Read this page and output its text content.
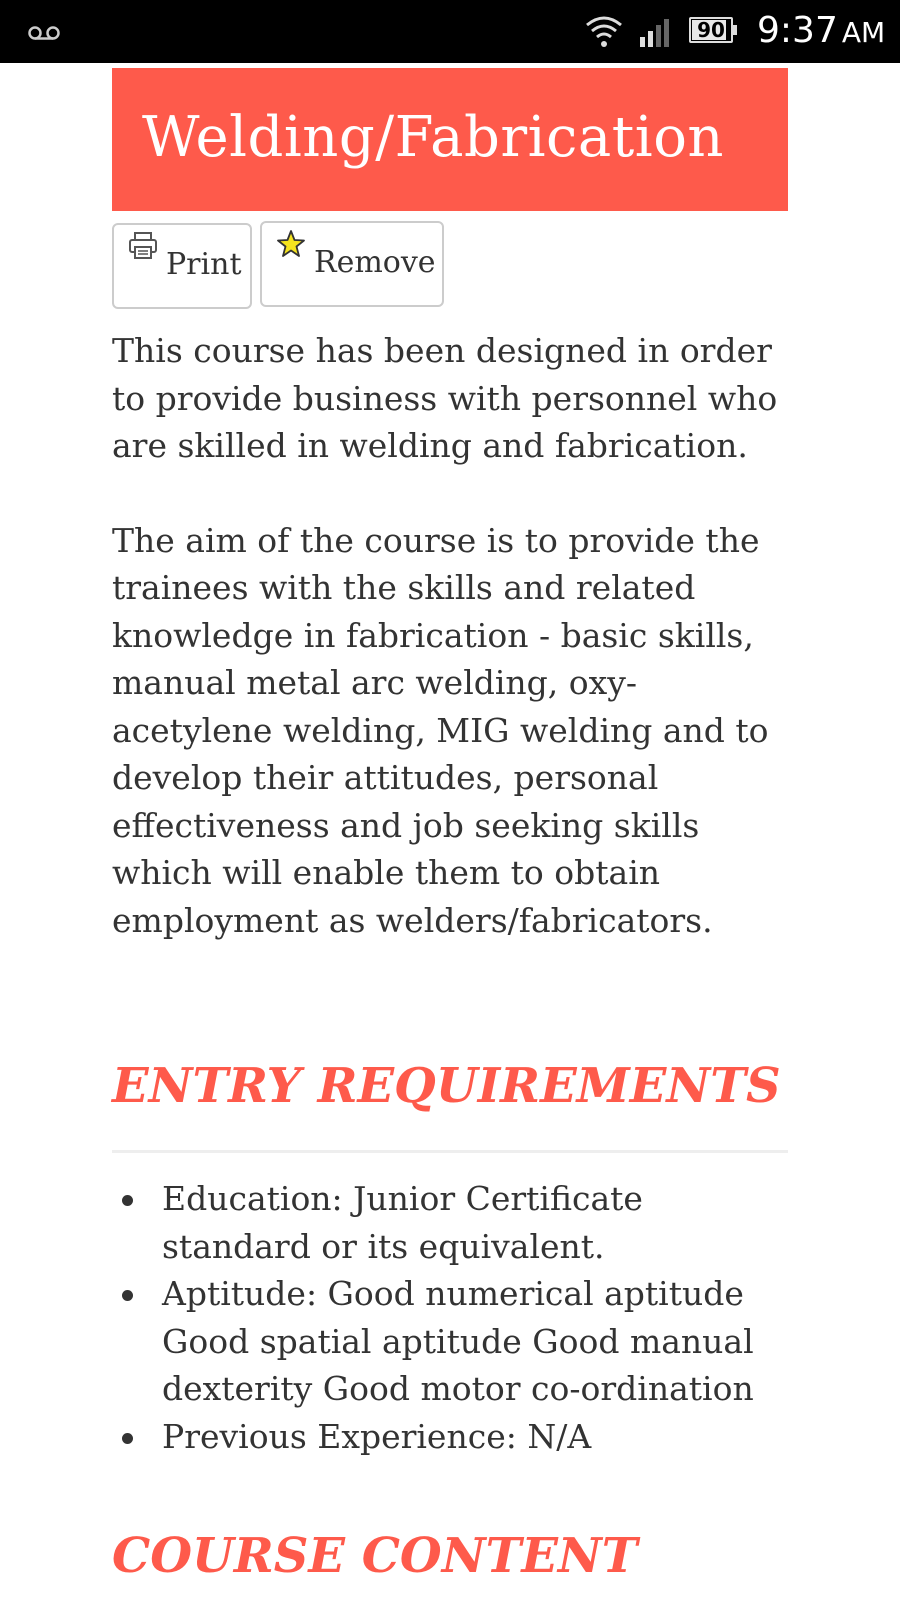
90 9:37 AM
Welding/Fabrication
Print Remove

This course has been designed in order to provide business with personnel who are skilled in welding and fabrication.

The aim of the course is to provide the trainees with the skills and related knowledge in fabrication - basic skills, manual metal arc welding, oxy-acetylene welding, MIG welding and to develop their attitudes, personal effectiveness and job seeking skills which will enable them to obtain employment as welders/fabricators.

ENTRY REQUIREMENTS
Education: Junior Certificate standard or its equivalent.
Aptitude: Good numerical aptitude Good spatial aptitude Good manual dexterity Good motor co-ordination
Previous Experience: N/A
COURSE CONTENT
